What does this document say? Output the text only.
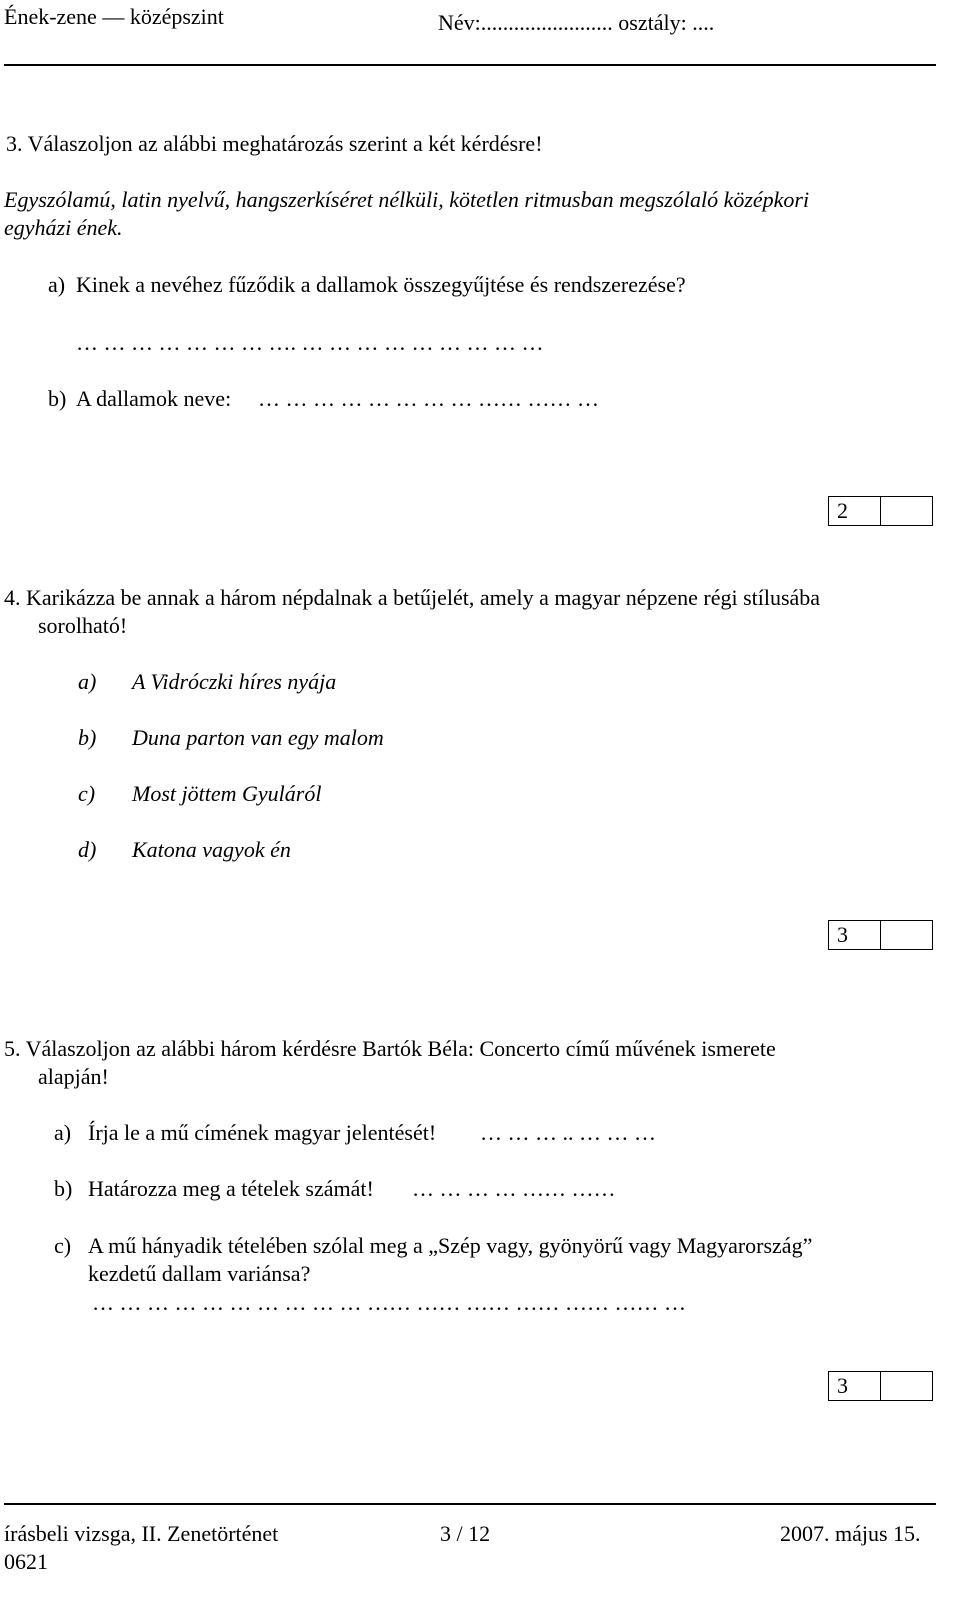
Ének-zene — középszint	Név:........................ osztály: ....
3. Válaszoljon az alábbi meghatározás szerint a két kérdésre!
Egyszólamú, latin nyelvű, hangszerkíséret nélküli, kötetlen ritmusban megszólaló középkori
egyházi ének.
a) Kinek a nevéhez fűződik a dallamok összegyűjtése és rendszerezése?
… … … … … … … …. … … … … … … … … …
b) A dallamok neve: … … … … … … … … …… …… …
2
4. Karikázza be annak a három népdalnak a betűjelét, amely a magyar népzene régi stílusába
sorolható!
a) A Vidróczki híres nyája
b) Duna parton van egy malom
c) Most jöttem Gyuláról
d) Katona vagyok én
3
5. Válaszoljon az alábbi három kérdésre Bartók Béla: Concerto című művének ismerete
alapján!
a) Írja le a mű címének magyar jelentését! … … … .. … … …
b) Határozza meg a tételek számát! … … … … …… ……
c) A mű hányadik tételében szólal meg a „Szép vagy, gyönyörű vagy Magyarország”
kezdetű dallam variánsa?
… … … … … … … … … … …… …… …… …… …… …… …
3
írásbeli vizsga, II. Zenetörténet	3 / 12	2007. május 15.
0621
